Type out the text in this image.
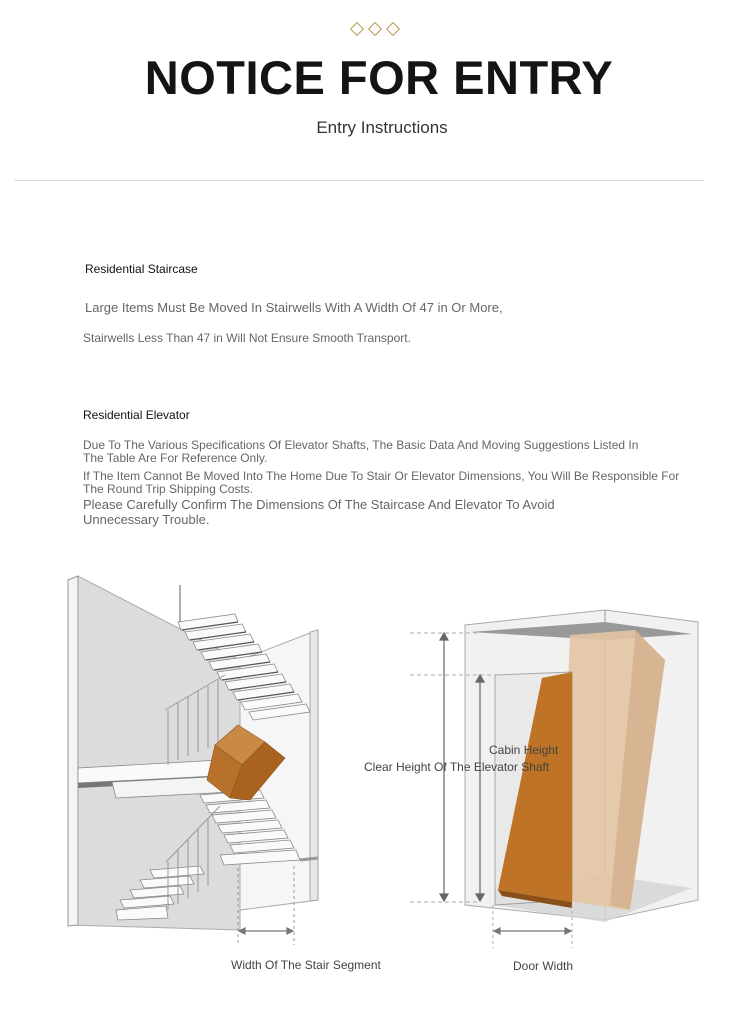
NOTICE FOR ENTRY
Entry Instructions
Residential Staircase
Large Items Must Be Moved In Stairwells With A Width Of 47 in Or More,
Stairwells Less Than 47 in Will Not Ensure Smooth Transport.
Residential Elevator
Due To The Various Specifications Of Elevator Shafts, The Basic Data And Moving Suggestions Listed In
The Table Are For Reference Only.
If The Item Cannot Be Moved Into The Home Due To Stair Or Elevator Dimensions, You Will Be Responsible For
The Round Trip Shipping Costs.
Please Carefully Confirm The Dimensions Of The Staircase And Elevator To Avoid
Unnecessary Trouble.
Width Of The Stair Segment
Cabin Height
Clear Height Of The Elevator Shaft
Door Width
